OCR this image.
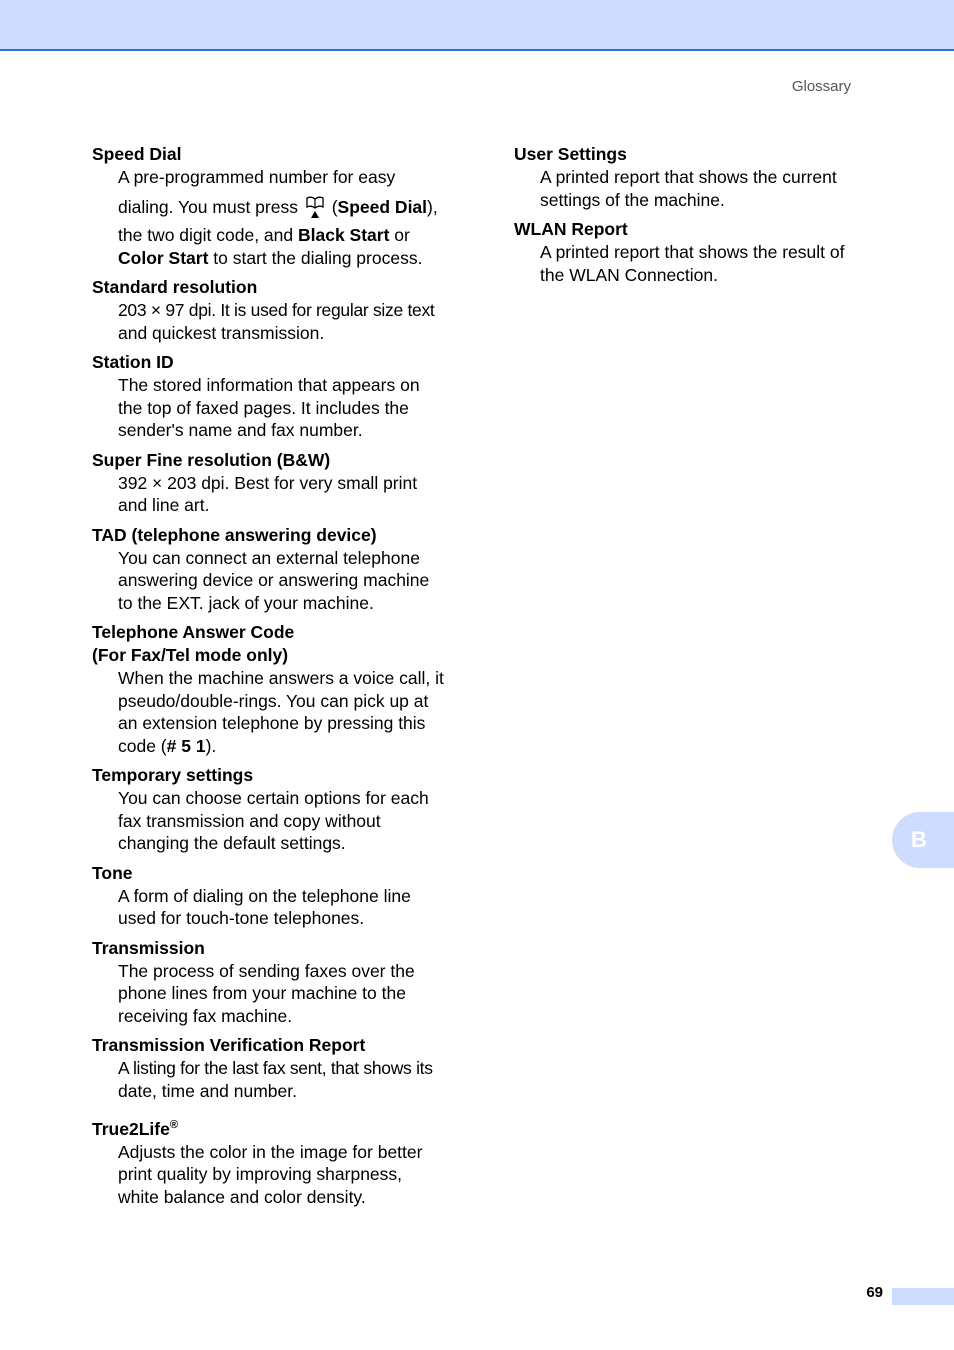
Glossary
Speed Dial
A pre-programmed number for easy
dialing. You must press  (Speed Dial),
the two digit code, and Black Start or
Color Start to start the dialing process.
Standard resolution
203 × 97 dpi. It is used for regular size text
and quickest transmission.
Station ID
The stored information that appears on
the top of faxed pages. It includes the
sender's name and fax number.
Super Fine resolution (B&W)
392 × 203 dpi. Best for very small print
and line art.
TAD (telephone answering device)
You can connect an external telephone
answering device or answering machine
to the EXT. jack of your machine.
Telephone Answer Code
(For Fax/Tel mode only)
When the machine answers a voice call, it
pseudo/double-rings. You can pick up at
an extension telephone by pressing this
code (# 5 1).
Temporary settings
You can choose certain options for each
fax transmission and copy without
changing the default settings.
Tone
A form of dialing on the telephone line
used for touch-tone telephones.
Transmission
The process of sending faxes over the
phone lines from your machine to the
receiving fax machine.
Transmission Verification Report
A listing for the last fax sent, that shows its
date, time and number.
True2Life®
Adjusts the color in the image for better
print quality by improving sharpness,
white balance and color density.
User Settings
A printed report that shows the current
settings of the machine.
WLAN Report
A printed report that shows the result of
the WLAN Connection.
B
69
